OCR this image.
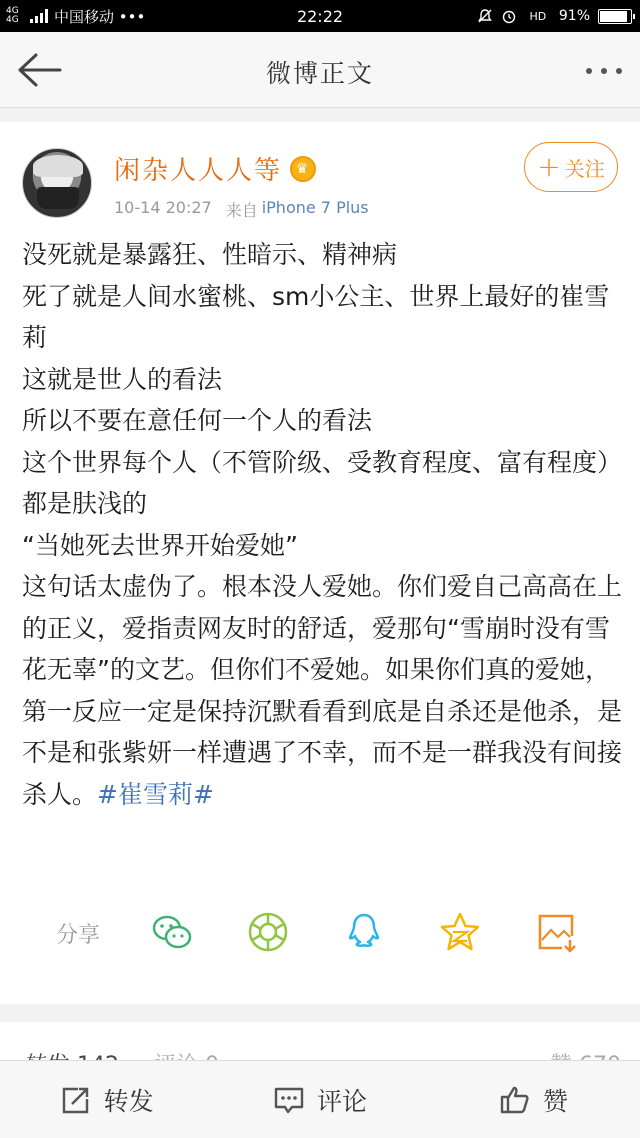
4G 4G	中国移动 •••	22:22	HD 91%
微博正文
闲杂人人人等 ♛
10-14 20:27 来自 iPhone 7 Plus
+ 关注

没死就是暴露狂、性暗示、精神病

死了就是人间水蜜桃、sm小公主、世界上最好的崔雪莉

这就是世人的看法

所以不要在意任何一个人的看法

这个世界每个人（不管阶级、受教育程度、富有程度）都是肤浅的

“当她死去世界开始爱她”

这句话太虚伪了。根本没人爱她。你们爱自己高高在上的正义，爱指责网友时的舒适，爱那句“雪崩时没有雪花无辜”的文艺。但你们不爱她。如果你们真的爱她，第一反应一定是保持沉默看看到底是自杀还是他杀，是不是和张紫妍一样遭遇了不幸，而不是一群我没有间接杀人。#崔雪莉#

分享
转发	评论	赞
